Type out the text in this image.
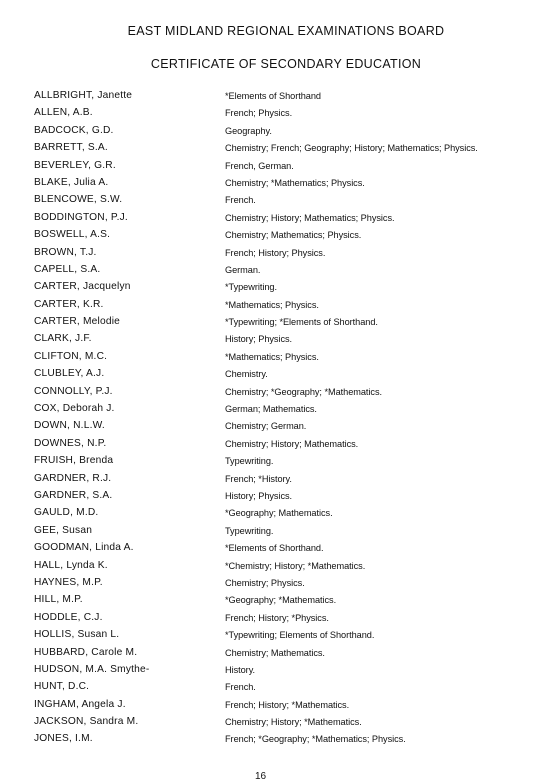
EAST MIDLAND REGIONAL EXAMINATIONS BOARD
CERTIFICATE OF SECONDARY EDUCATION
ALLBRIGHT, Janette	*Elements of Shorthand
ALLEN, A.B.	French; Physics.
BADCOCK, G.D.	Geography.
BARRETT, S.A.	Chemistry; French; Geography; History; Mathematics; Physics.
BEVERLEY, G.R.	French, German.
BLAKE, Julia A.	Chemistry; *Mathematics; Physics.
BLENCOWE, S.W.	French.
BODDINGTON, P.J.	Chemistry; History; Mathematics; Physics.
BOSWELL, A.S.	Chemistry; Mathematics; Physics.
BROWN, T.J.	French; History; Physics.
CAPELL, S.A.	German.
CARTER, Jacquelyn	*Typewriting.
CARTER, K.R.	*Mathematics; Physics.
CARTER, Melodie	*Typewriting; *Elements of Shorthand.
CLARK, J.F.	History; Physics.
CLIFTON, M.C.	*Mathematics; Physics.
CLUBLEY, A.J.	Chemistry.
CONNOLLY, P.J.	Chemistry; *Geography; *Mathematics.
COX, Deborah J.	German; Mathematics.
DOWN, N.L.W.	Chemistry; German.
DOWNES, N.P.	Chemistry; History; Mathematics.
FRUISH, Brenda	Typewriting.
GARDNER, R.J.	French; *History.
GARDNER, S.A.	History; Physics.
GAULD, M.D.	*Geography; Mathematics.
GEE, Susan	Typewriting.
GOODMAN, Linda A.	*Elements of Shorthand.
HALL, Lynda K.	*Chemistry; History; *Mathematics.
HAYNES, M.P.	Chemistry; Physics.
HILL, M.P.	*Geography; *Mathematics.
HODDLE, C.J.	French; History; *Physics.
HOLLIS, Susan L.	*Typewriting; Elements of Shorthand.
HUBBARD, Carole M.	Chemistry; Mathematics.
HUDSON, M.A. Smythe-	History.
HUNT, D.C.	French.
INGHAM, Angela J.	French; History; *Mathematics.
JACKSON, Sandra M.	Chemistry; History; *Mathematics.
JONES, I.M.	French; *Geography; *Mathematics; Physics.
16
